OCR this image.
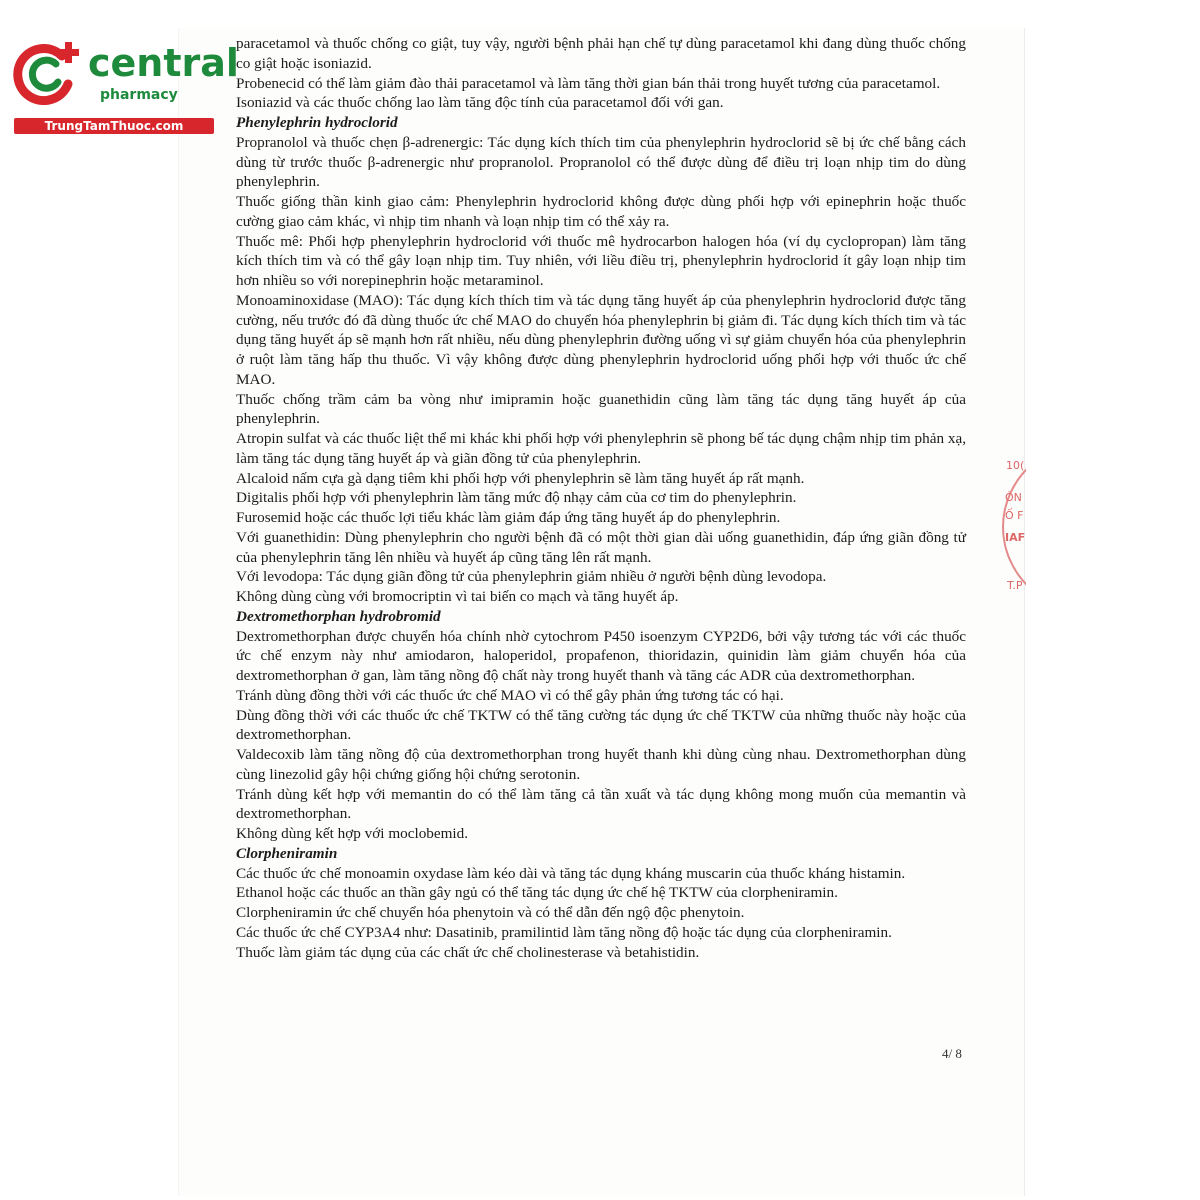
central
pharmacy
TrungTamThuoc.com

paracetamol và thuốc chống co giật, tuy vậy, người bệnh phải hạn chế tự dùng paracetamol khi đang dùng thuốc chống co giật hoặc isoniazid.

Probenecid có thể làm giảm đào thải paracetamol và làm tăng thời gian bán thải trong huyết tương của paracetamol.

Isoniazid và các thuốc chống lao làm tăng độc tính của paracetamol đối với gan.

Phenylephrin hydroclorid

Propranolol và thuốc chẹn β-adrenergic: Tác dụng kích thích tim của phenylephrin hydroclorid sẽ bị ức chế bằng cách dùng từ trước thuốc β-adrenergic như propranolol. Propranolol có thể được dùng để điều trị loạn nhịp tim do dùng phenylephrin.

Thuốc giống thần kinh giao cảm: Phenylephrin hydroclorid không được dùng phối hợp với epinephrin hoặc thuốc cường giao cảm khác, vì nhịp tim nhanh và loạn nhịp tim có thể xảy ra.

Thuốc mê: Phối hợp phenylephrin hydroclorid với thuốc mê hydrocarbon halogen hóa (ví dụ cyclopropan) làm tăng kích thích tim và có thể gây loạn nhịp tim. Tuy nhiên, với liều điều trị, phenylephrin hydroclorid ít gây loạn nhịp tim hơn nhiều so với norepinephrin hoặc metaraminol.

Monoaminoxidase (MAO): Tác dụng kích thích tim và tác dụng tăng huyết áp của phenylephrin hydroclorid được tăng cường, nếu trước đó đã dùng thuốc ức chế MAO do chuyển hóa phenylephrin bị giảm đi. Tác dụng kích thích tim và tác dụng tăng huyết áp sẽ mạnh hơn rất nhiều, nếu dùng phenylephrin đường uống vì sự giảm chuyển hóa của phenylephrin ở ruột làm tăng hấp thu thuốc. Vì vậy không được dùng phenylephrin hydroclorid uống phối hợp với thuốc ức chế MAO.

Thuốc chống trầm cảm ba vòng như imipramin hoặc guanethidin cũng làm tăng tác dụng tăng huyết áp của phenylephrin.

Atropin sulfat và các thuốc liệt thể mi khác khi phối hợp với phenylephrin sẽ phong bế tác dụng chậm nhịp tim phản xạ, làm tăng tác dụng tăng huyết áp và giãn đồng tử của phenylephrin.

Alcaloid nấm cựa gà dạng tiêm khi phối hợp với phenylephrin sẽ làm tăng huyết áp rất mạnh.

Digitalis phối hợp với phenylephrin làm tăng mức độ nhạy cảm của cơ tim do phenylephrin.

Furosemid hoặc các thuốc lợi tiểu khác làm giảm đáp ứng tăng huyết áp do phenylephrin.

Với guanethidin: Dùng phenylephrin cho người bệnh đã có một thời gian dài uống guanethidin, đáp ứng giãn đồng tử của phenylephrin tăng lên nhiều và huyết áp cũng tăng lên rất mạnh.

Với levodopa: Tác dụng giãn đồng tử của phenylephrin giảm nhiều ở người bệnh dùng levodopa.

Không dùng cùng với bromocriptin vì tai biến co mạch và tăng huyết áp.

Dextromethorphan hydrobromid

Dextromethorphan được chuyển hóa chính nhờ cytochrom P450 isoenzym CYP2D6, bởi vậy tương tác với các thuốc ức chế enzym này như amiodaron, haloperidol, propafenon, thioridazin, quinidin làm giảm chuyển hóa của dextromethorphan ở gan, làm tăng nồng độ chất này trong huyết thanh và tăng các ADR của dextromethorphan.

Tránh dùng đồng thời với các thuốc ức chế MAO vì có thể gây phản ứng tương tác có hại.

Dùng đồng thời với các thuốc ức chế TKTW có thể tăng cường tác dụng ức chế TKTW của những thuốc này hoặc của dextromethorphan.

Valdecoxib làm tăng nồng độ của dextromethorphan trong huyết thanh khi dùng cùng nhau. Dextromethorphan dùng cùng linezolid gây hội chứng giống hội chứng serotonin.

Tránh dùng kết hợp với memantin do có thể làm tăng cả tần xuất và tác dụng không mong muốn của memantin và dextromethorphan.

Không dùng kết hợp với moclobemid.

Clorpheniramin

Các thuốc ức chế monoamin oxydase làm kéo dài và tăng tác dụng kháng muscarin của thuốc kháng histamin.

Ethanol hoặc các thuốc an thần gây ngủ có thể tăng tác dụng ức chế hệ TKTW của clorpheniramin.

Clorpheniramin ức chế chuyển hóa phenytoin và có thể dẫn đến ngộ độc phenytoin.

Các thuốc ức chế CYP3A4 như: Dasatinib, pramilintid làm tăng nồng độ hoặc tác dụng của clorpheniramin.

Thuốc làm giảm tác dụng của các chất ức chế cholinesterase và betahistidin.

4/ 8
10(
ÒN
Ố F
IAF
T.P
